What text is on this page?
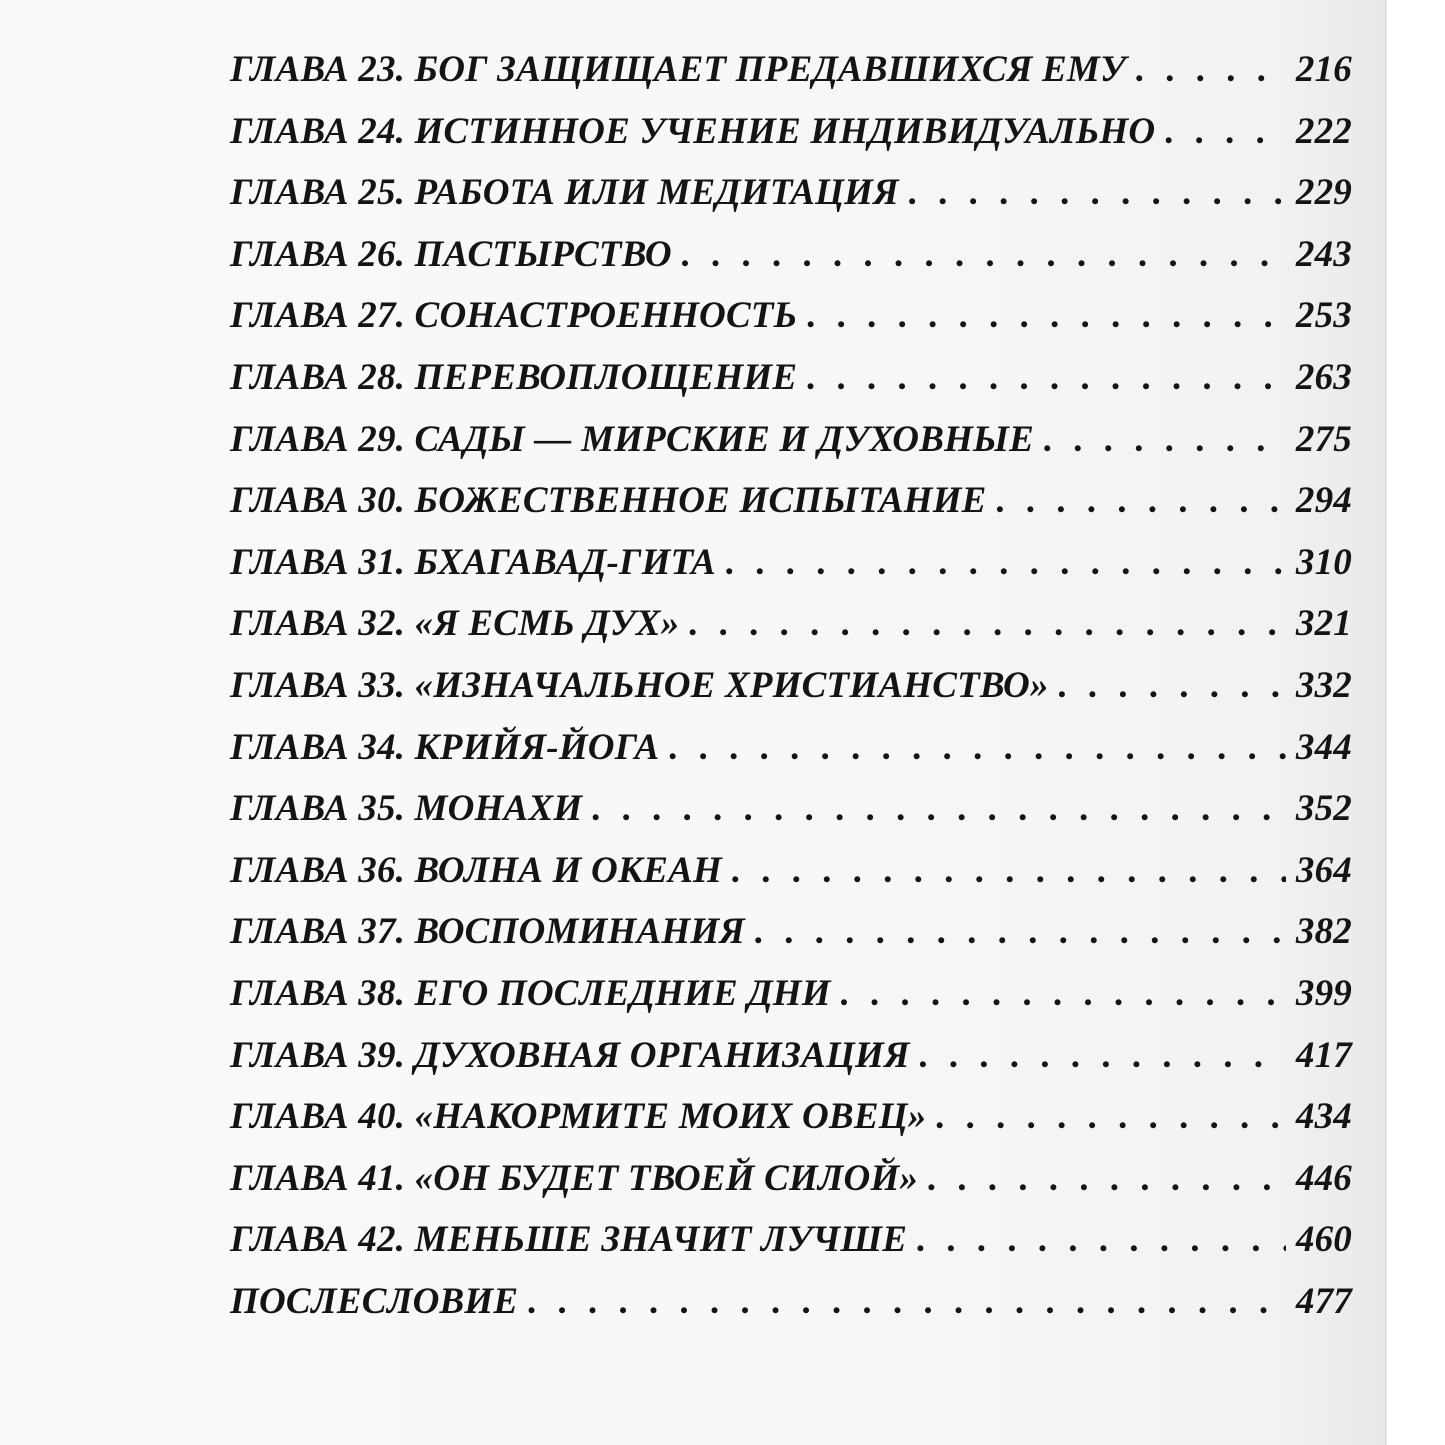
ГЛАВА 23. БОГ ЗАЩИЩАЕТ ПРЕДАВШИХСЯ ЕМУ . . .	216
ГЛАВА 24. ИСТИННОЕ УЧЕНИЕ ИНДИВИДУАЛЬНО . . .	222
ГЛАВА 25. РАБОТА ИЛИ МЕДИТАЦИЯ . . .	229
ГЛАВА 26. ПАСТЫРСТВО . . .	243
ГЛАВА 27. СОНАСТРОЕННОСТЬ . . .	253
ГЛАВА 28. ПЕРЕВОПЛОЩЕНИЕ . . .	263
ГЛАВА 29. САДЫ — МИРСКИЕ И ДУХОВНЫЕ . . .	275
ГЛАВА 30. БОЖЕСТВЕННОЕ ИСПЫТАНИЕ . . .	294
ГЛАВА 31. БХАГАВАД-ГИТА . . .	310
ГЛАВА 32. «Я ЕСМЬ ДУХ» . . .	321
ГЛАВА 33. «ИЗНАЧАЛЬНОЕ ХРИСТИАНСТВО» . . .	332
ГЛАВА 34. КРИЙЯ-ЙОГА . . .	344
ГЛАВА 35. МОНАХИ . . .	352
ГЛАВА 36. ВОЛНА И ОКЕАН . . .	364
ГЛАВА 37. ВОСПОМИНАНИЯ . . .	382
ГЛАВА 38. ЕГО ПОСЛЕДНИЕ ДНИ . . .	399
ГЛАВА 39. ДУХОВНАЯ ОРГАНИЗАЦИЯ . . .	417
ГЛАВА 40. «НАКОРМИТЕ МОИХ ОВЕЦ» . . .	434
ГЛАВА 41. «ОН БУДЕТ ТВОЕЙ СИЛОЙ» . . .	446
ГЛАВА 42. МЕНЬШЕ ЗНАЧИТ ЛУЧШЕ . . .	460
ПОСЛЕСЛОВИЕ . . .	477
